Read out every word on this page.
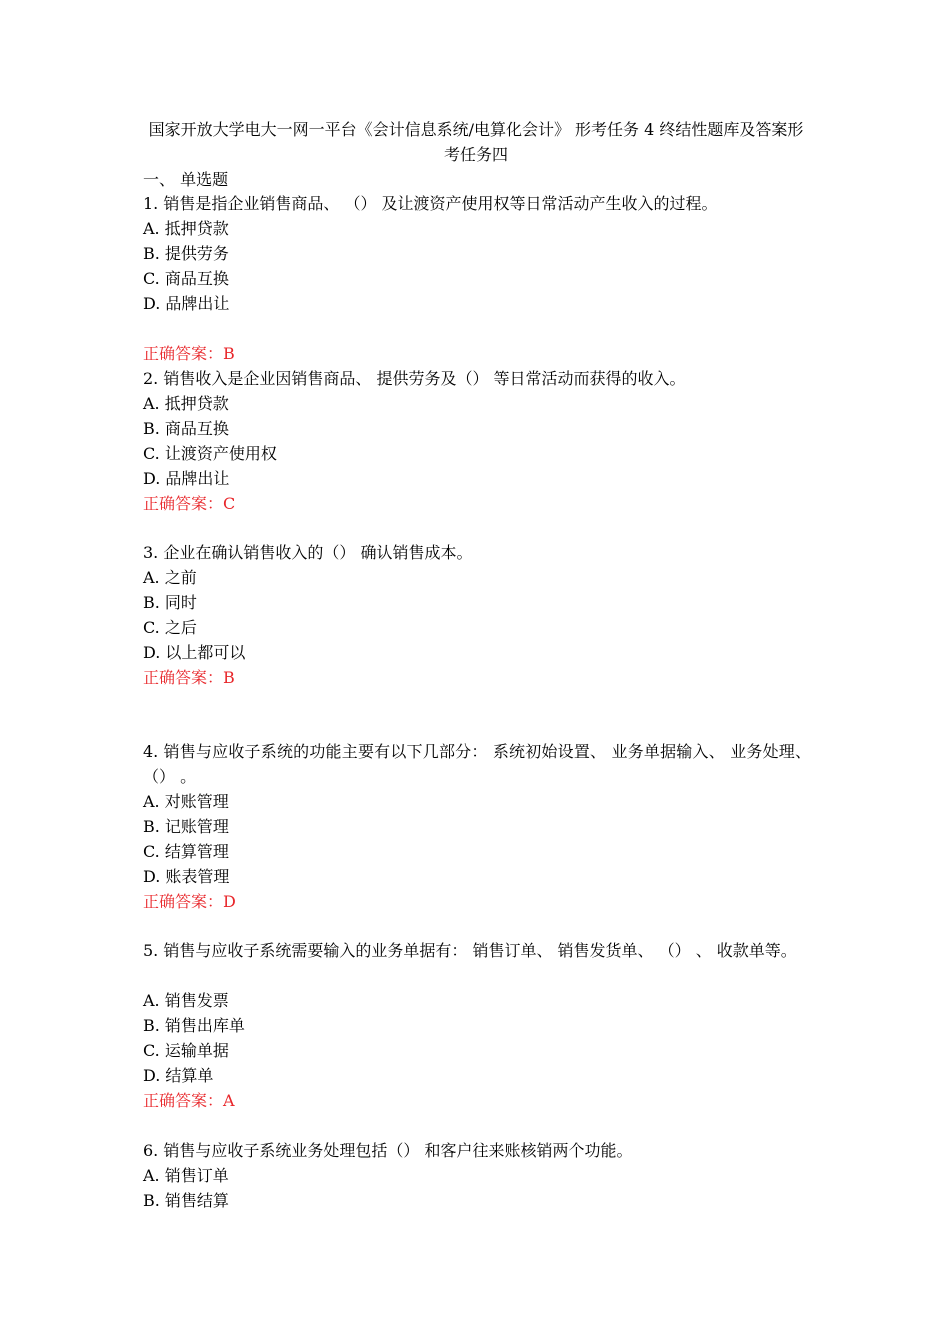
国家开放大学电大一网一平台《会计信息系统/电算化会计》 形考任务 4 终结性题库及答案形考任务四
一、 单选题
1. 销售是指企业销售商品、 （） 及让渡资产使用权等日常活动产生收入的过程。
A. 抵押贷款
B. 提供劳务
C. 商品互换
D. 品牌出让
正确答案：B
2. 销售收入是企业因销售商品、 提供劳务及（） 等日常活动而获得的收入。
A. 抵押贷款
B. 商品互换
C. 让渡资产使用权
D. 品牌出让
正确答案：C
3. 企业在确认销售收入的（） 确认销售成本。
A. 之前
B. 同时
C. 之后
D. 以上都可以
正确答案：B
4. 销售与应收子系统的功能主要有以下几部分： 系统初始设置、 业务单据输入、 业务处理、 （） 。
A. 对账管理
B. 记账管理
C. 结算管理
D. 账表管理
正确答案：D
5. 销售与应收子系统需要输入的业务单据有： 销售订单、 销售发货单、 （） 、 收款单等。
A. 销售发票
B. 销售出库单
C. 运输单据
D. 结算单
正确答案：A
6. 销售与应收子系统业务处理包括（） 和客户往来账核销两个功能。
A. 销售订单
B. 销售结算
